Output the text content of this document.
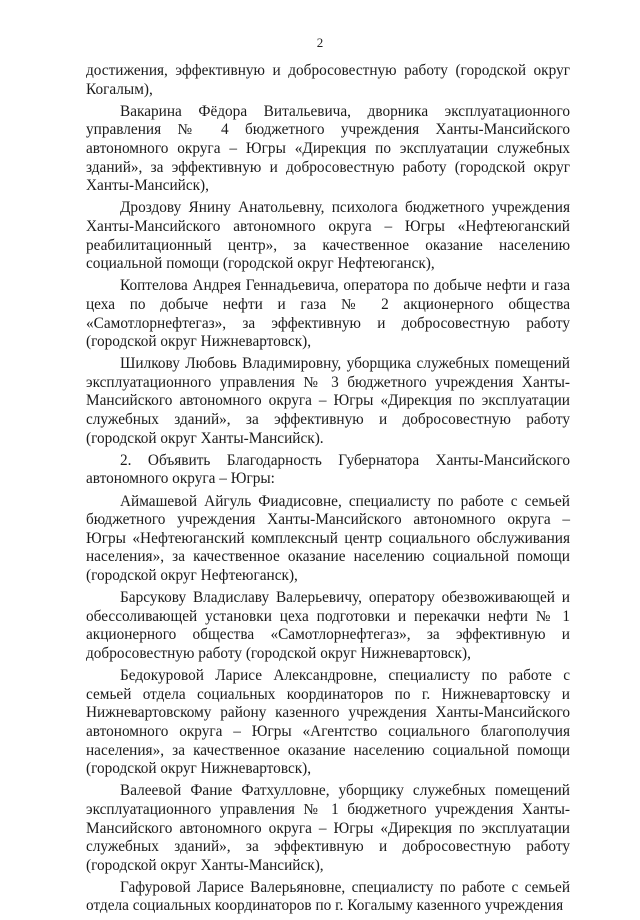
2

достижения, эффективную и добросовестную работу (городской округ Когалым),

Вакарина Фёдора Витальевича, дворника эксплуатационного управления № 4 бюджетного учреждения Ханты-Мансийского автономного округа – Югры «Дирекция по эксплуатации служебных зданий», за эффективную и добросовестную работу (городской округ Ханты-Мансийск),

Дроздову Янину Анатольевну, психолога бюджетного учреждения Ханты-Мансийского автономного округа – Югры «Нефтеюганский реабилитационный центр», за качественное оказание населению социальной помощи (городской округ Нефтеюганск),

Коптелова Андрея Геннадьевича, оператора по добыче нефти и газа цеха по добыче нефти и газа № 2 акционерного общества «Самотлорнефтегаз», за эффективную и добросовестную работу (городской округ Нижневартовск),

Шилкову Любовь Владимировну, уборщика служебных помещений эксплуатационного управления № 3 бюджетного учреждения Ханты-Мансийского автономного округа – Югры «Дирекция по эксплуатации служебных зданий», за эффективную и добросовестную работу (городской округ Ханты-Мансийск).

2. Объявить Благодарность Губернатора Ханты-Мансийского автономного округа – Югры:

Аймашевой Айгуль Фиадисовне, специалисту по работе с семьей бюджетного учреждения Ханты-Мансийского автономного округа – Югры «Нефтеюганский комплексный центр социального обслуживания населения», за качественное оказание населению социальной помощи (городской округ Нефтеюганск),

Барсукову Владиславу Валерьевичу, оператору обезвоживающей и обессоливающей установки цеха подготовки и перекачки нефти № 1 акционерного общества «Самотлорнефтегаз», за эффективную и добросовестную работу (городской округ Нижневартовск),

Бедокуровой Ларисе Александровне, специалисту по работе с семьей отдела социальных координаторов по г. Нижневартовску и Нижневартовскому району казенного учреждения Ханты-Мансийского автономного округа – Югры «Агентство социального благополучия населения», за качественное оказание населению социальной помощи (городской округ Нижневартовск),

Валеевой Фание Фатхулловне, уборщику служебных помещений эксплуатационного управления № 1 бюджетного учреждения Ханты-Мансийского автономного округа – Югры «Дирекция по эксплуатации служебных зданий», за эффективную и добросовестную работу (городской округ Ханты-Мансийск),

Гафуровой Ларисе Валерьяновне, специалисту по работе с семьей отдела социальных координаторов по г. Когалыму казенного учреждения
